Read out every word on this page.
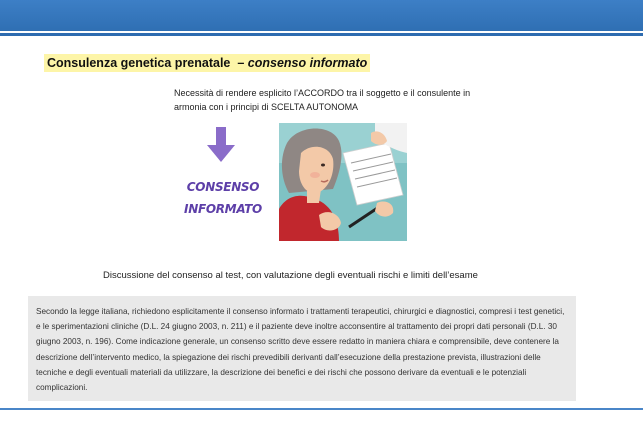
Consulenza genetica prenatale – consenso informato
Necessità di rendere esplicito l’ACCORDO tra il soggetto e il consulente in armonia con i principi di SCELTA AUTONOMA
CONSENSO
INFORMATO
Discussione del consenso al test, con valutazione degli eventuali rischi e limiti dell’esame
Secondo la legge italiana, richiedono esplicitamente il consenso informato i trattamenti terapeutici, chirurgici e diagnostici, compresi i test genetici, e le sperimentazioni cliniche (D.L. 24 giugno 2003, n. 211) e il paziente deve inoltre acconsentire al trattamento dei propri dati personali (D.L. 30 giugno 2003, n. 196). Come indicazione generale, un consenso scritto deve essere redatto in maniera chiara e comprensibile, deve contenere la descrizione dell’intervento medico, la spiegazione dei rischi prevedibili derivanti dall’esecuzione della prestazione prevista, illustrazioni delle tecniche e degli eventuali materiali da utilizzare, la descrizione dei benefici e dei rischi che possono derivare da eventuali e le potenziali complicazioni.
